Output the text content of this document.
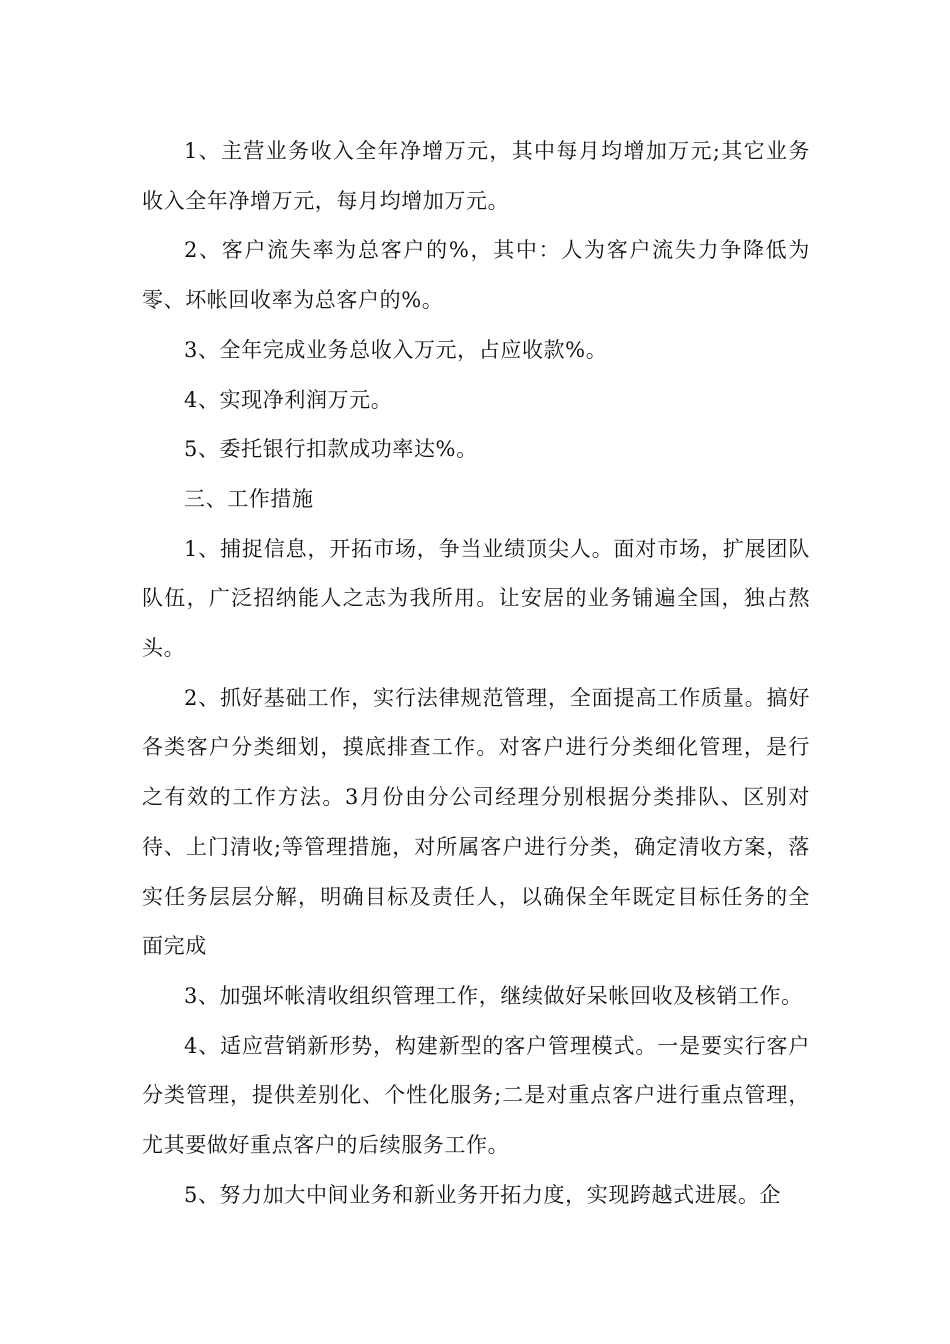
1、主营业务收入全年净增万元，其中每月均增加万元;其它业务收入全年净增万元，每月均增加万元。

2、客户流失率为总客户的%，其中：人为客户流失力争降低为零、坏帐回收率为总客户的%。

3、全年完成业务总收入万元，占应收款%。

4、实现净利润万元。

5、委托银行扣款成功率达%。

三、工作措施

1、捕捉信息，开拓市场，争当业绩顶尖人。面对市场，扩展团队队伍，广泛招纳能人之志为我所用。让安居的业务铺遍全国，独占熬头。

2、抓好基础工作，实行法律规范管理，全面提高工作质量。搞好各类客户分类细划，摸底排查工作。对客户进行分类细化管理，是行之有效的工作方法。3月份由分公司经理分别根据分类排队、区别对待、上门清收;等管理措施，对所属客户进行分类，确定清收方案，落实任务层层分解，明确目标及责任人，以确保全年既定目标任务的全面完成

3、加强坏帐清收组织管理工作，继续做好呆帐回收及核销工作。

4、适应营销新形势，构建新型的客户管理模式。一是要实行客户分类管理，提供差别化、个性化服务;二是对重点客户进行重点管理，尤其要做好重点客户的后续服务工作。

5、努力加大中间业务和新业务开拓力度，实现跨越式进展。企
